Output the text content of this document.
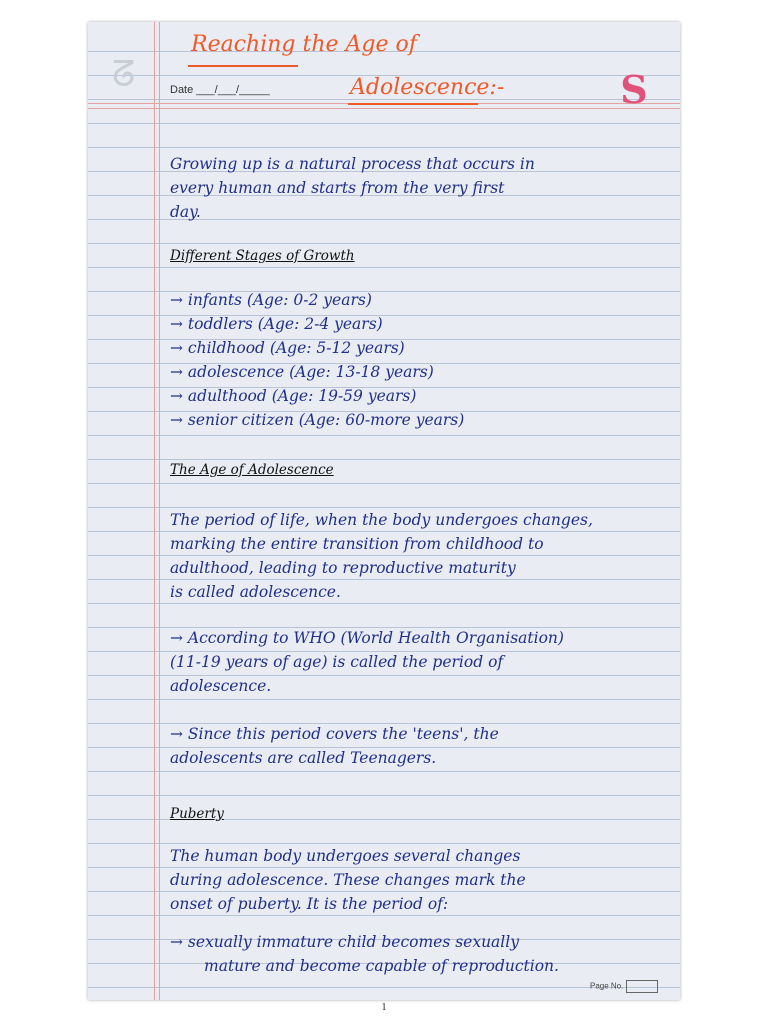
ᘔ
Reaching the Age of
Adolescence:-
Date ___/___/_____	S

Growing up is a natural process that occurs in

every human and starts from the very first

day.

Different Stages of Growth

→ infants (Age: 0-2 years)

→ toddlers (Age: 2-4 years)

→ childhood (Age: 5-12 years)

→ adolescence (Age: 13-18 years)

→ adulthood (Age: 19-59 years)

→ senior citizen (Age: 60-more years)

The Age of Adolescence

The period of life, when the body undergoes changes,

marking the entire transition from childhood to

adulthood, leading to reproductive maturity

is called adolescence.

→ According to WHO (World Health Organisation)

(11-19 years of age) is called the period of

adolescence.

→ Since this period covers the 'teens', the

adolescents are called Teenagers.

Puberty

The human body undergoes several changes

during adolescence. These changes mark the

onset of puberty. It is the period of:

→ sexually immature child becomes sexually

mature and become capable of reproduction.

Page No.
1
